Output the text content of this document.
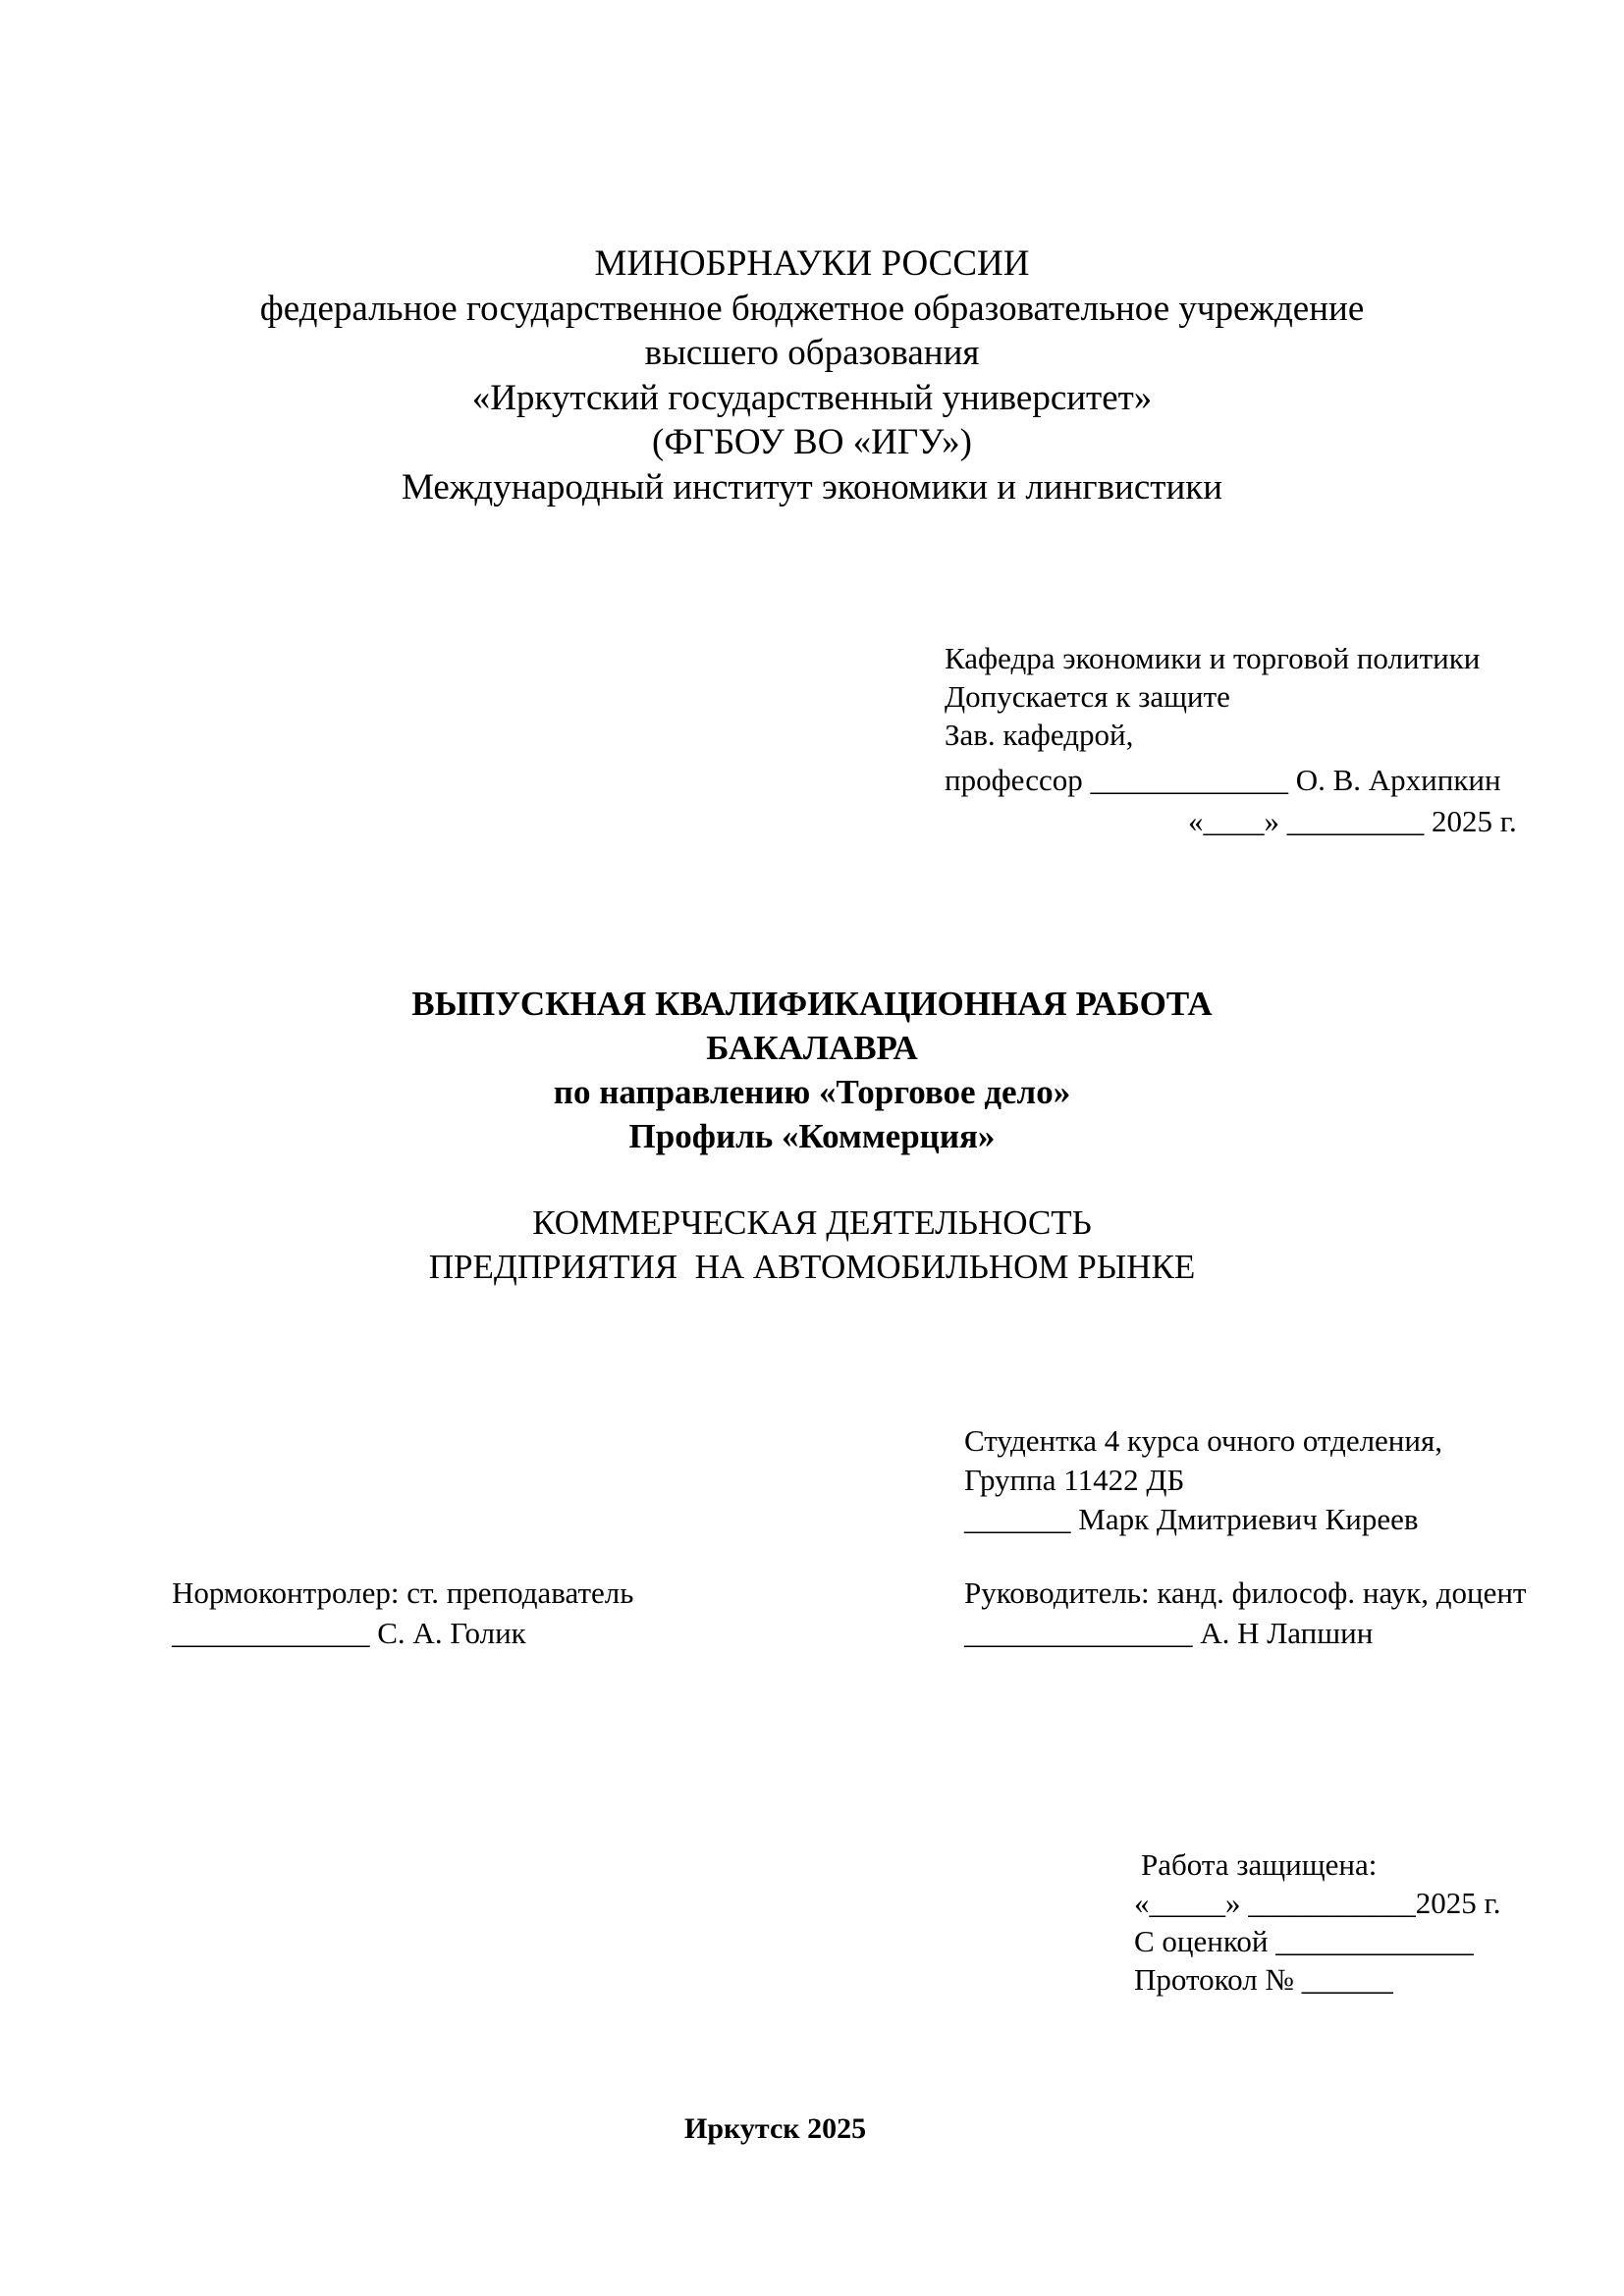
МИНОБРНАУКИ РОССИИ
федеральное государственное бюджетное образовательное учреждение
высшего образования
«Иркутский государственный университет»
(ФГБОУ ВО «ИГУ»)
Международный институт экономики и лингвистики
Кафедра экономики и торговой политики
Допускается к защите
Зав. кафедрой,
профессор _____________ О. В. Архипкин
«____» _________ 2025 г.
ВЫПУСКНАЯ КВАЛИФИКАЦИОННАЯ РАБОТА
БАКАЛАВРА
по направлению «Торговое дело»
Профиль «Коммерция»
КОММЕРЧЕСКАЯ ДЕЯТЕЛЬНОСТЬ
ПРЕДПРИЯТИЯ  НА АВТОМОБИЛЬНОМ РЫНКЕ
Студентка 4 курса очного отделения,
Группа 11422 ДБ
_______ Марк Дмитриевич Киреев
Нормоконтролер: ст. преподаватель
_____________ С. А. Голик
Руководитель: канд. философ. наук, доцент
_______________ А. Н Лапшин
Работа защищена:
«_____» ___________2025 г.
С оценкой _____________
Протокол № ______
Иркутск 2025
